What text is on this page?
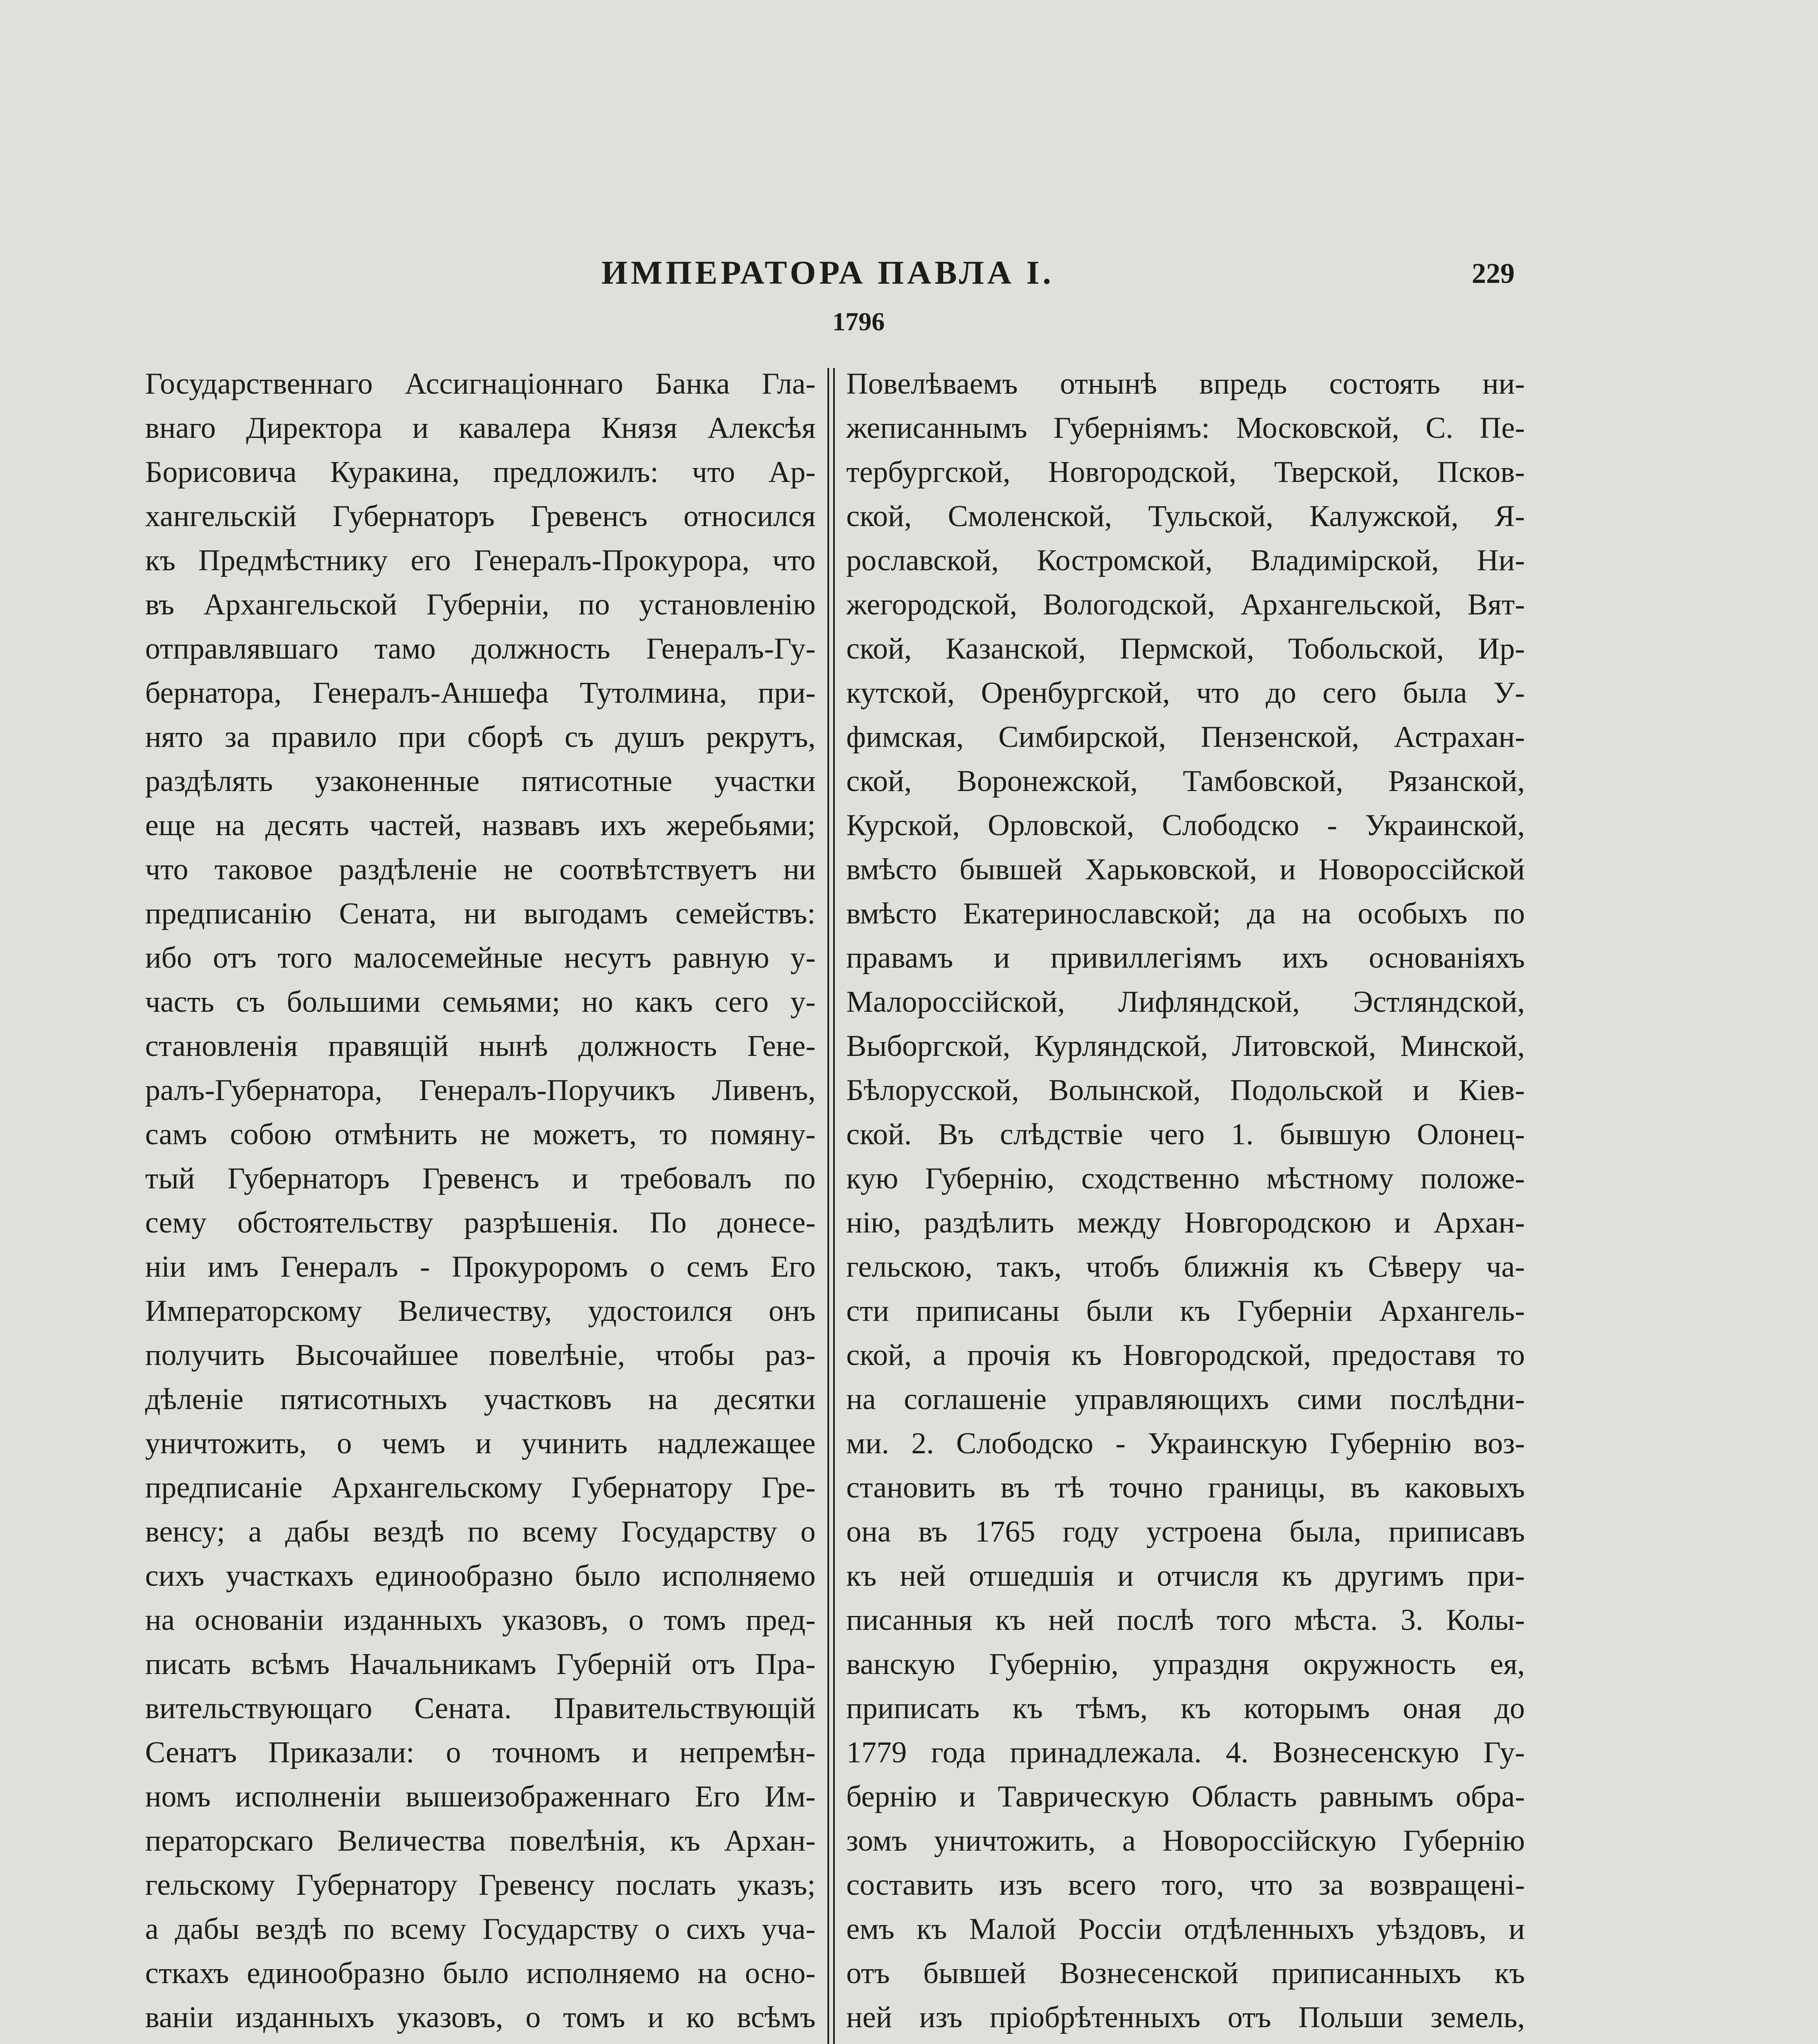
ИМПЕРАТОРА ПАВЛА I.	229
1796
Государственнаго Ассигнаціоннаго Банка Гла-
внаго Директора и кавалера Князя Алексѣя
Борисовича Куракина, предложилъ: что Ар-
хангельскій Губернаторъ Гревенсъ относился
къ Предмѣстнику его Генералъ-Прокурора, что
въ Архангельской Губерніи, по установленію
отправлявшаго тамо должность Генералъ-Гу-
бернатора, Генералъ-Аншефа Тутолмина, при-
нято за правило при сборѣ съ душъ рекрутъ,
раздѣлять узаконенные пятисотные участки
еще на десять частей, назвавъ ихъ жеребьями;
что таковое раздѣленіе не соотвѣтствуетъ ни
предписанію Сената, ни выгодамъ семействъ:
ибо отъ того малосемейные несутъ равную у-
часть съ большими семьями; но какъ сего у-
становленія правящій нынѣ должность Гене-
ралъ-Губернатора, Генералъ-Поручикъ Ливенъ,
самъ собою отмѣнить не можетъ, то помяну-
тый Губернаторъ Гревенсъ и требовалъ по
сему обстоятельству разрѣшенія. По донесе-
ніи имъ Генералъ - Прокуроромъ о семъ Его
Императорскому Величеству, удостоился онъ
получить Высочайшее повелѣніе, чтобы раз-
дѣленіе пятисотныхъ участковъ на десятки
уничтожить, о чемъ и учинить надлежащее
предписаніе Архангельскому Губернатору Гре-
венсу; а дабы вездѣ по всему Государству о
сихъ участкахъ единообразно было исполняемо
на основаніи изданныхъ указовъ, о томъ пред-
писать всѣмъ Начальникамъ Губерній отъ Пра-
вительствующаго Сената. Правительствующій
Сенатъ Приказали: о точномъ и непремѣн-
номъ исполненіи вышеизображеннаго Его Им-
ператорскаго Величества повелѣнія, къ Архан-
гельскому Губернатору Гревенсу послать указъ;
а дабы вездѣ по всему Государству о сихъ уча-
сткахъ единообразно было исполняемо на осно-
ваніи изданныхъ указовъ, о томъ и ко всѣмъ
Повелѣваемъ отнынѣ впредь состоять ни-
жеписаннымъ Губерніямъ: Московской, С. Пе-
тербургской, Новгородской, Тверской, Псков-
ской, Смоленской, Тульской, Калужской, Я-
рославской, Костромской, Владимірской, Ни-
жегородской, Вологодской, Архангельской, Вят-
ской, Казанской, Пермской, Тобольской, Ир-
кутской, Оренбургской, что до сего была У-
фимская, Симбирской, Пензенской, Астрахан-
ской, Воронежской, Тамбовской, Рязанской,
Курской, Орловской, Слободско - Украинской,
вмѣсто бывшей Харьковской, и Новороссійской
вмѣсто Екатеринославской; да на особыхъ по
правамъ и привиллегіямъ ихъ основаніяхъ
Малороссійской, Лифляндской, Эстляндской,
Выборгской, Курляндской, Литовской, Минской,
Бѣлорусской, Волынской, Подольской и Кіев-
ской. Въ слѣдствіе чего 1. бывшую Олонец-
кую Губернію, сходственно мѣстному положе-
нію, раздѣлить между Новгородскою и Архан-
гельскою, такъ, чтобъ ближнія къ Сѣверу ча-
сти приписаны были къ Губерніи Архангель-
ской, а прочія къ Новгородской, предоставя то
на соглашеніе управляющихъ сими послѣдни-
ми. 2. Слободско - Украинскую Губернію воз-
становить въ тѣ точно границы, въ каковыхъ
она въ 1765 году устроена была, приписавъ
къ ней отшедшія и отчисля къ другимъ при-
писанныя къ ней послѣ того мѣста. 3. Колы-
ванскую Губернію, упраздня окружность ея,
приписать къ тѣмъ, къ которымъ оная до
1779 года принадлежала. 4. Вознесенскую Гу-
бернію и Таврическую Область равнымъ обра-
зомъ уничтожить, а Новороссійскую Губернію
составить изъ всего того, что за возвращені-
емъ къ Малой Россіи отдѣленныхъ уѣздовъ, и
отъ бывшей Вознесенской приписанныхъ къ
ней изъ пріобрѣтенныхъ отъ Польши земель,
